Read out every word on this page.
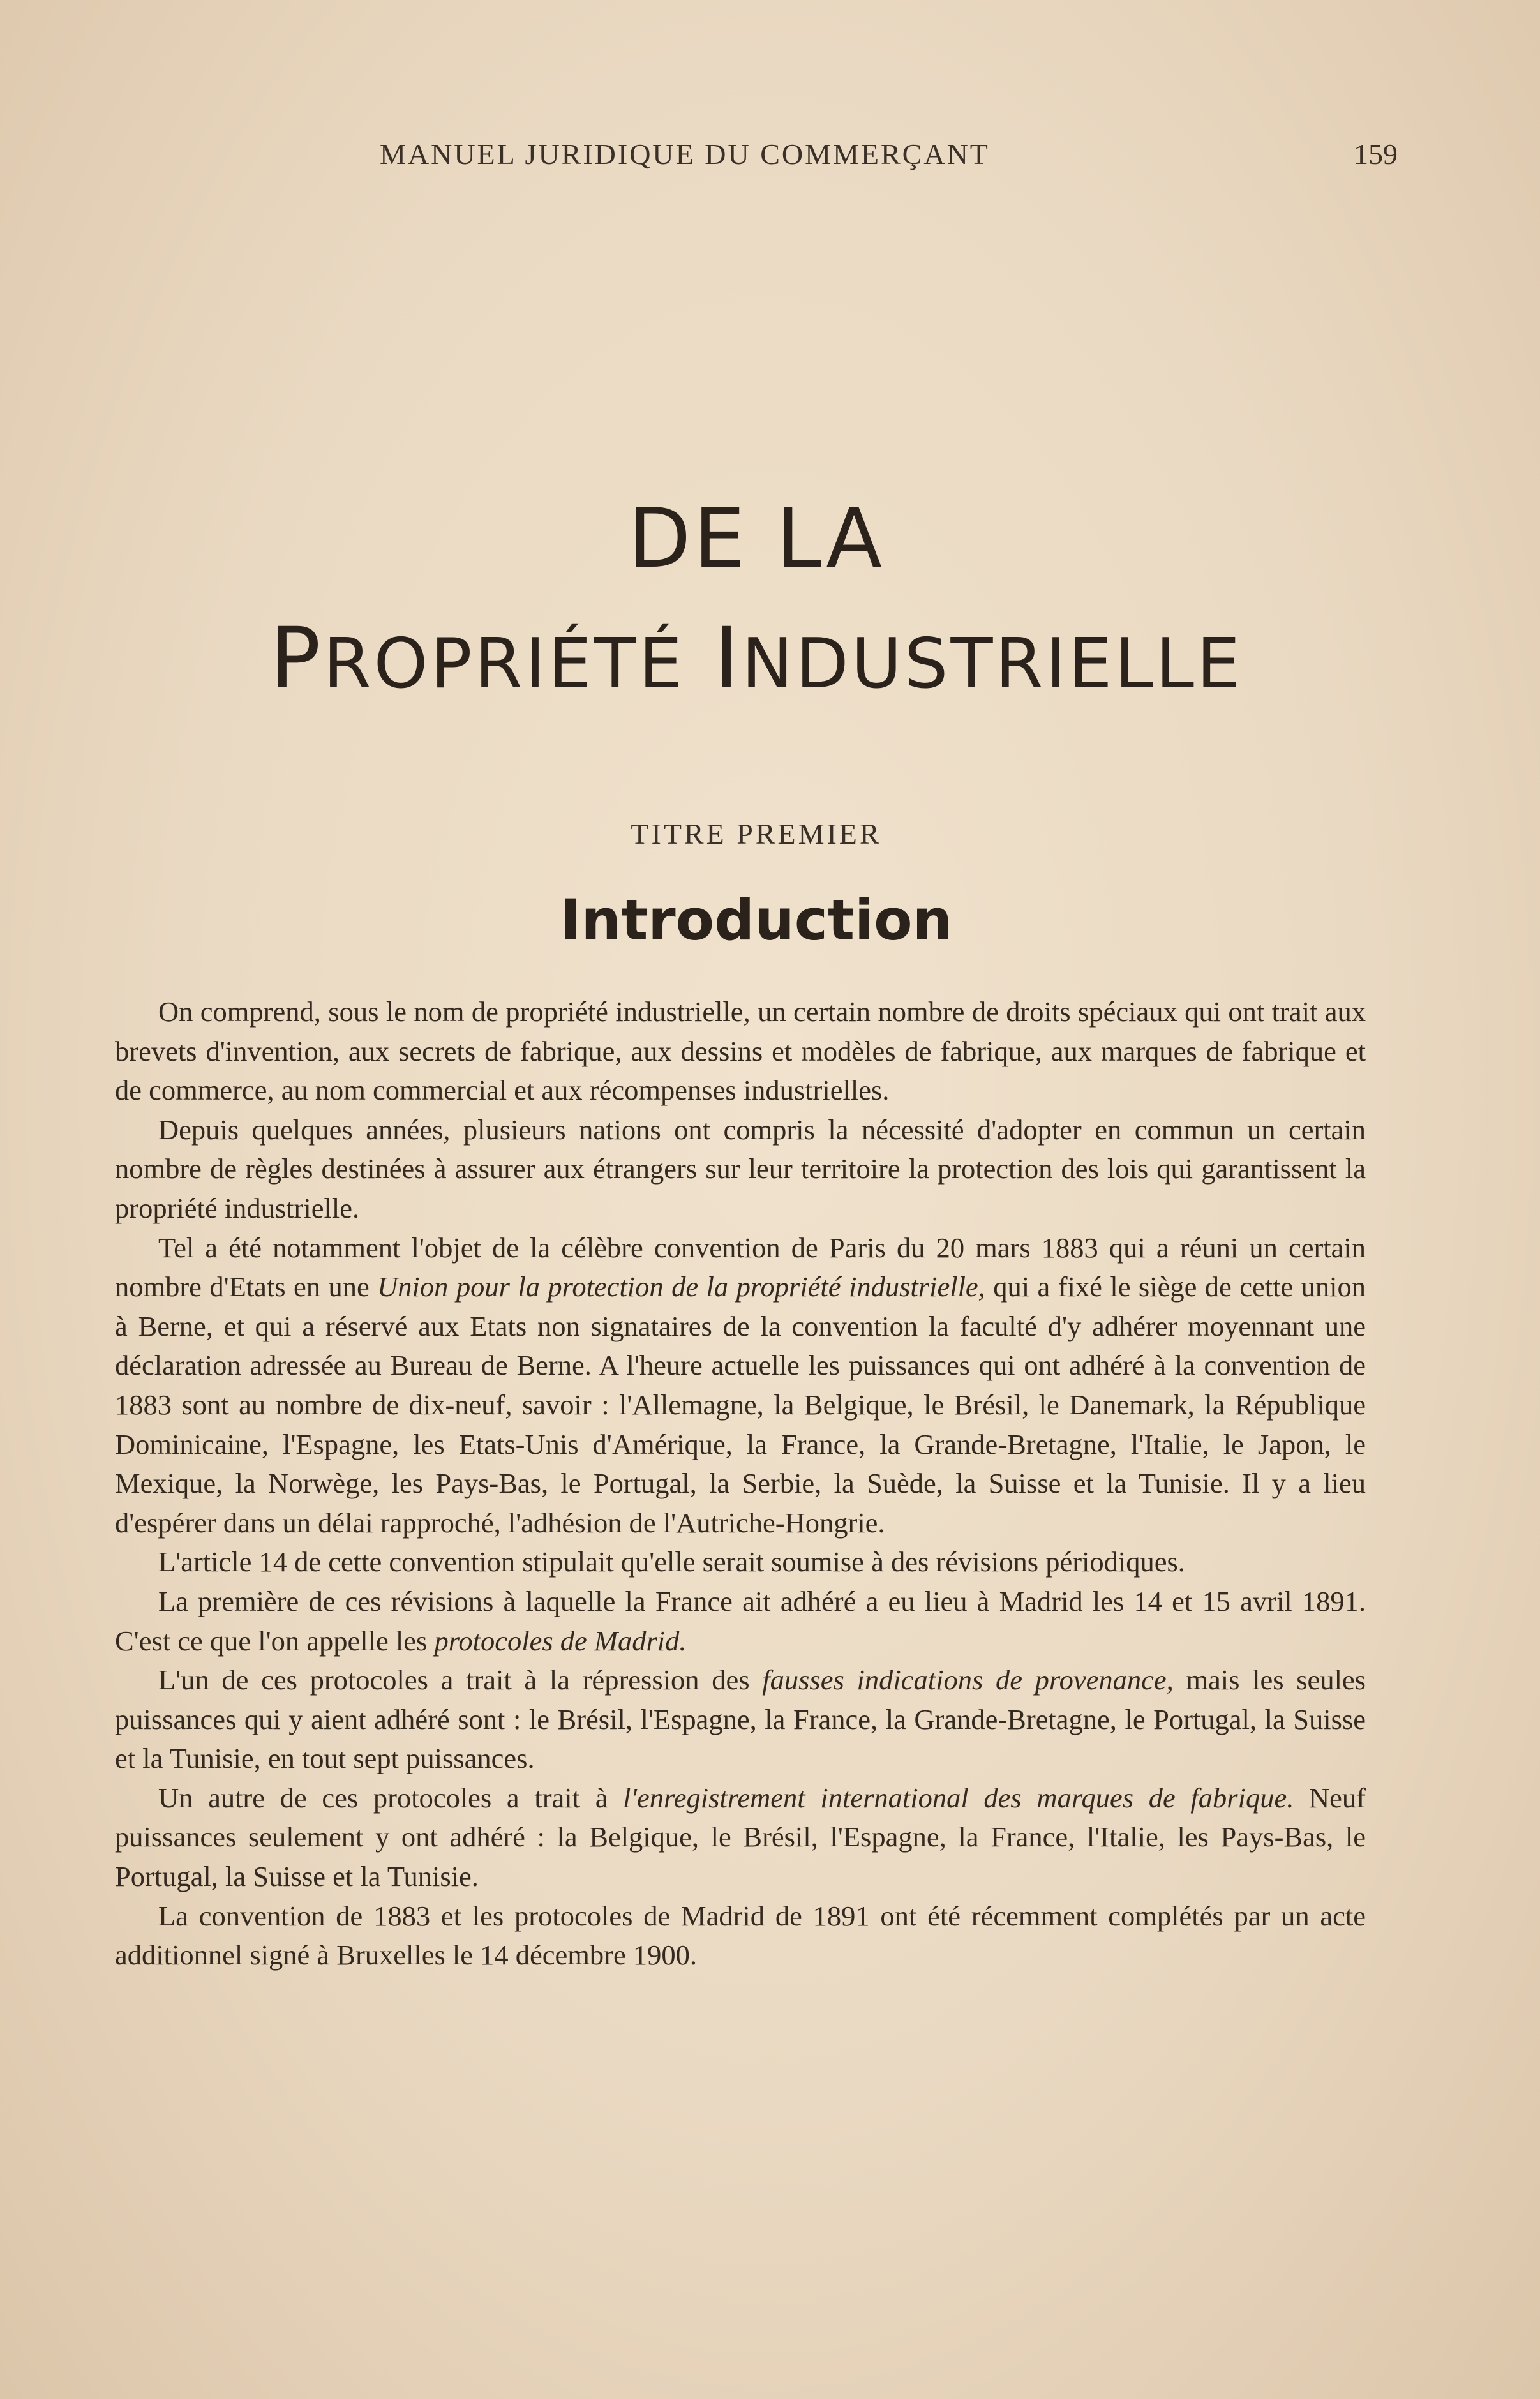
MANUEL JURIDIQUE DU COMMERÇANT	159
DE LA
PROPRIÉTÉ INDUSTRIELLE
TITRE PREMIER
Introduction

On comprend, sous le nom de propriété industrielle, un certain nombre de droits spéciaux qui ont trait aux brevets d'invention, aux secrets de fabrique, aux dessins et modèles de fabrique, aux marques de fabrique et de commerce, au nom commercial et aux récompenses industrielles.

Depuis quelques années, plusieurs nations ont compris la nécessité d'adopter en commun un certain nombre de règles destinées à assurer aux étrangers sur leur territoire la protection des lois qui garantissent la propriété industrielle.

Tel a été notamment l'objet de la célèbre convention de Paris du 20 mars 1883 qui a réuni un certain nombre d'Etats en une Union pour la protection de la propriété industrielle, qui a fixé le siège de cette union à Berne, et qui a réservé aux Etats non signataires de la convention la faculté d'y adhérer moyennant une déclaration adressée au Bureau de Berne. A l'heure actuelle les puissances qui ont adhéré à la convention de 1883 sont au nombre de dix-neuf, savoir : l'Allemagne, la Belgique, le Brésil, le Danemark, la République Dominicaine, l'Espagne, les Etats-Unis d'Amérique, la France, la Grande-Bretagne, l'Italie, le Japon, le Mexique, la Norwège, les Pays-Bas, le Portugal, la Serbie, la Suède, la Suisse et la Tunisie. Il y a lieu d'espérer dans un délai rapproché, l'adhésion de l'Autriche-Hongrie.

L'article 14 de cette convention stipulait qu'elle serait soumise à des révisions périodiques.

La première de ces révisions à laquelle la France ait adhéré a eu lieu à Madrid les 14 et 15 avril 1891. C'est ce que l'on appelle les protocoles de Madrid.

L'un de ces protocoles a trait à la répression des fausses indications de provenance, mais les seules puissances qui y aient adhéré sont : le Brésil, l'Espagne, la France, la Grande-Bretagne, le Portugal, la Suisse et la Tunisie, en tout sept puissances.

Un autre de ces protocoles a trait à l'enregistrement international des marques de fabrique. Neuf puissances seulement y ont adhéré : la Belgique, le Brésil, l'Espagne, la France, l'Italie, les Pays-Bas, le Portugal, la Suisse et la Tunisie.

La convention de 1883 et les protocoles de Madrid de 1891 ont été récemment complétés par un acte additionnel signé à Bruxelles le 14 décembre 1900.
